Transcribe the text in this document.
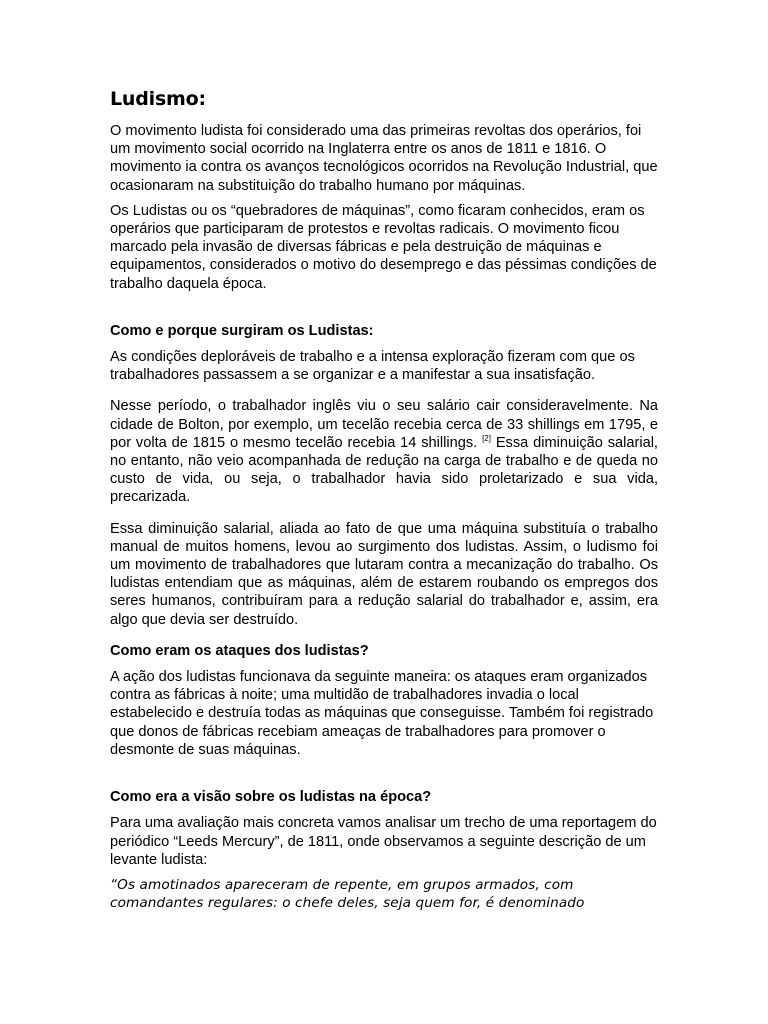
Ludismo:

O movimento ludista foi considerado uma das primeiras revoltas dos operários, foi um movimento social ocorrido na Inglaterra entre os anos de 1811 e 1816. O movimento ia contra os avanços tecnológicos ocorridos na Revolução Industrial, que ocasionaram na substituição do trabalho humano por máquinas.

Os Ludistas ou os “quebradores de máquinas”, como ficaram conhecidos, eram os operários que participaram de protestos e revoltas radicais. O movimento ficou marcado pela invasão de diversas fábricas e pela destruição de máquinas e equipamentos, considerados o motivo do desemprego e das péssimas condições de trabalho daquela época.

Como e porque surgiram os Ludistas:

As condições deploráveis de trabalho e a intensa exploração fizeram com que os trabalhadores passassem a se organizar e a manifestar a sua insatisfação.

Nesse período, o trabalhador inglês viu o seu salário cair consideravelmente. Na cidade de Bolton, por exemplo, um tecelão recebia cerca de 33 shillings em 1795, e por volta de 1815 o mesmo tecelão recebia 14 shillings. [2] Essa diminuição salarial, no entanto, não veio acompanhada de redução na carga de trabalho e de queda no custo de vida, ou seja, o trabalhador havia sido proletarizado e sua vida, precarizada.

Essa diminuição salarial, aliada ao fato de que uma máquina substituía o trabalho manual de muitos homens, levou ao surgimento dos ludistas. Assim, o ludismo foi um movimento de trabalhadores que lutaram contra a mecanização do trabalho. Os ludistas entendiam que as máquinas, além de estarem roubando os empregos dos seres humanos, contribuíram para a redução salarial do trabalhador e, assim, era algo que devia ser destruído.

Como eram os ataques dos ludistas?

A ação dos ludistas funcionava da seguinte maneira: os ataques eram organizados contra as fábricas à noite; uma multidão de trabalhadores invadia o local estabelecido e destruía todas as máquinas que conseguisse. Também foi registrado que donos de fábricas recebiam ameaças de trabalhadores para promover o desmonte de suas máquinas.

Como era a visão sobre os ludistas na época?

Para uma avaliação mais concreta vamos analisar um trecho de uma reportagem do periódico “Leeds Mercury”, de 1811, onde observamos a seguinte descrição de um levante ludista:

“Os amotinados apareceram de repente, em grupos armados, com comandantes regulares: o chefe deles, seja quem for, é denominado
